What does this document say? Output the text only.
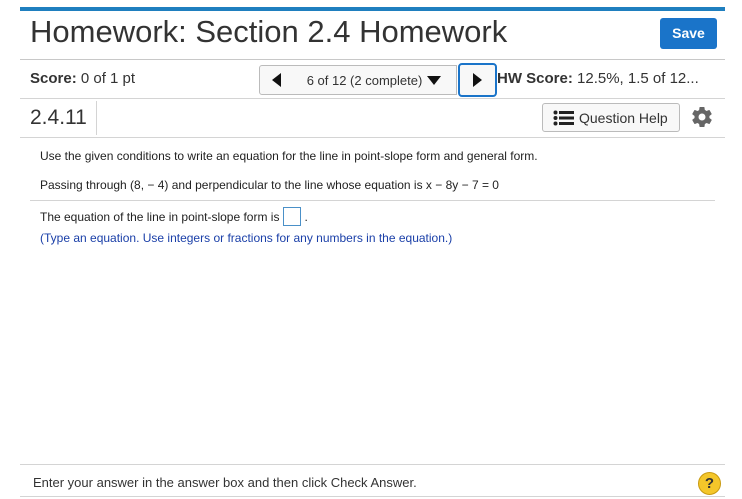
Homework: Section 2.4 Homework	Save
Score: 0 of 1 pt	6 of 12 (2 complete)	HW Score: 12.5%, 1.5 of 12...
2.4.11	Question Help
Use the given conditions to write an equation for the line in point-slope form and general form.
Passing through (8, − 4) and perpendicular to the line whose equation is x − 8y − 7 = 0
The equation of the line in point-slope form is .
(Type an equation. Use integers or fractions for any numbers in the equation.)
Enter your answer in the answer box and then click Check Answer.	?
